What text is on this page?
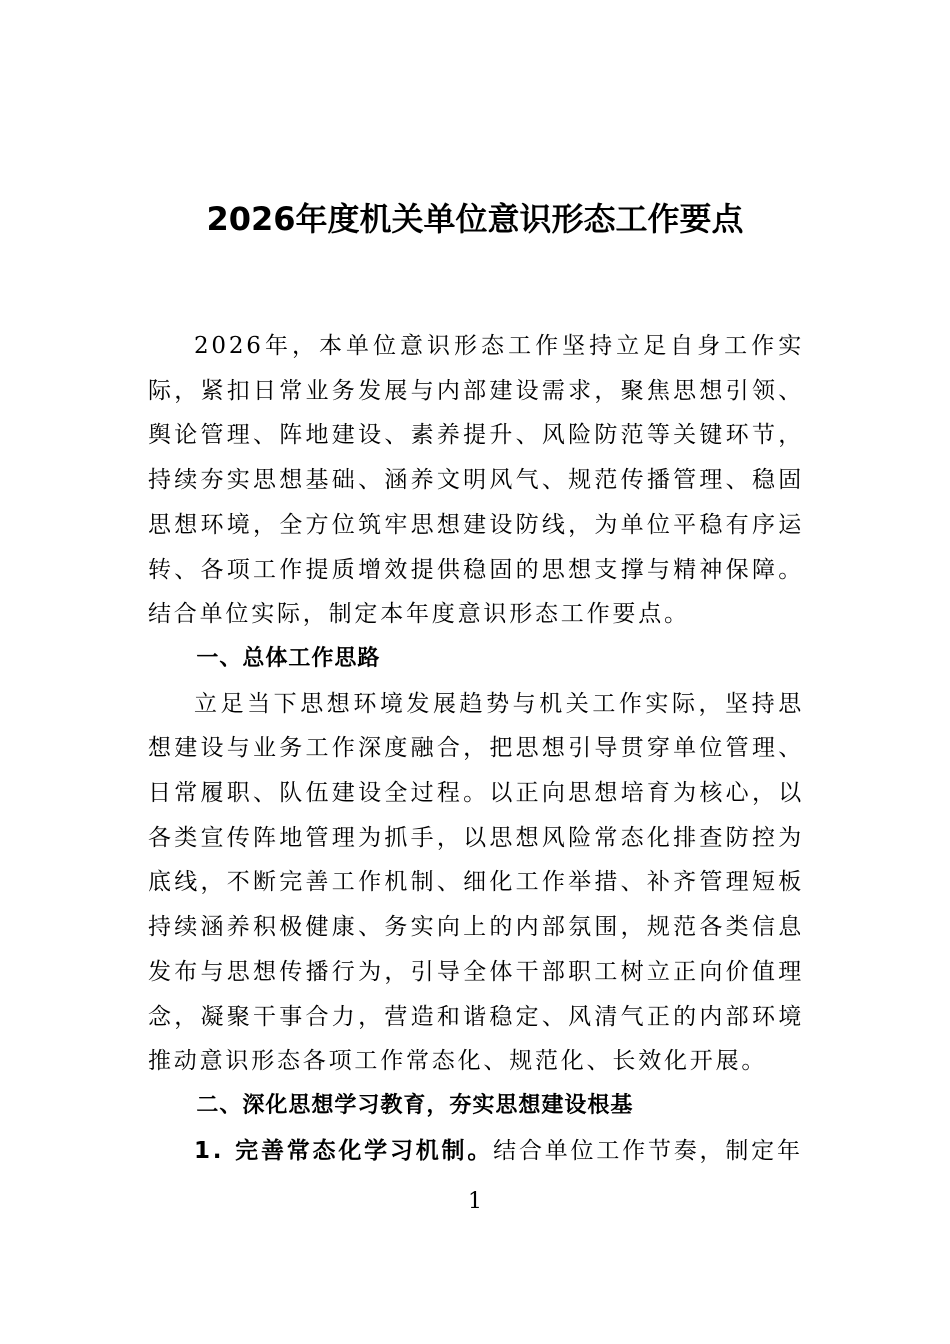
2026年度机关单位意识形态工作要点

2026年，本单位意识形态工作坚持立足自身工作实际，紧扣日常业务发展与内部建设需求，聚焦思想引领、舆论管理、阵地建设、素养提升、风险防范等关键环节，持续夯实思想基础、涵养文明风气、规范传播管理、稳固思想环境，全方位筑牢思想建设防线，为单位平稳有序运转、各项工作提质增效提供稳固的思想支撑与精神保障。结合单位实际，制定本年度意识形态工作要点。

一、总体工作思路

立足当下思想环境发展趋势与机关工作实际，坚持思想建设与业务工作深度融合，把思想引导贯穿单位管理、日常履职、队伍建设全过程。以正向思想培育为核心，以各类宣传阵地管理为抓手，以思想风险常态化排查防控为底线，不断完善工作机制、细化工作举措、补齐管理短板持续涵养积极健康、务实向上的内部氛围，规范各类信息发布与思想传播行为，引导全体干部职工树立正向价值理念，凝聚干事合力，营造和谐稳定、风清气正的内部环境推动意识形态各项工作常态化、规范化、长效化开展。

二、深化思想学习教育，夯实思想建设根基

1. 完善常态化学习机制。结合单位工作节奏，制定年

1
